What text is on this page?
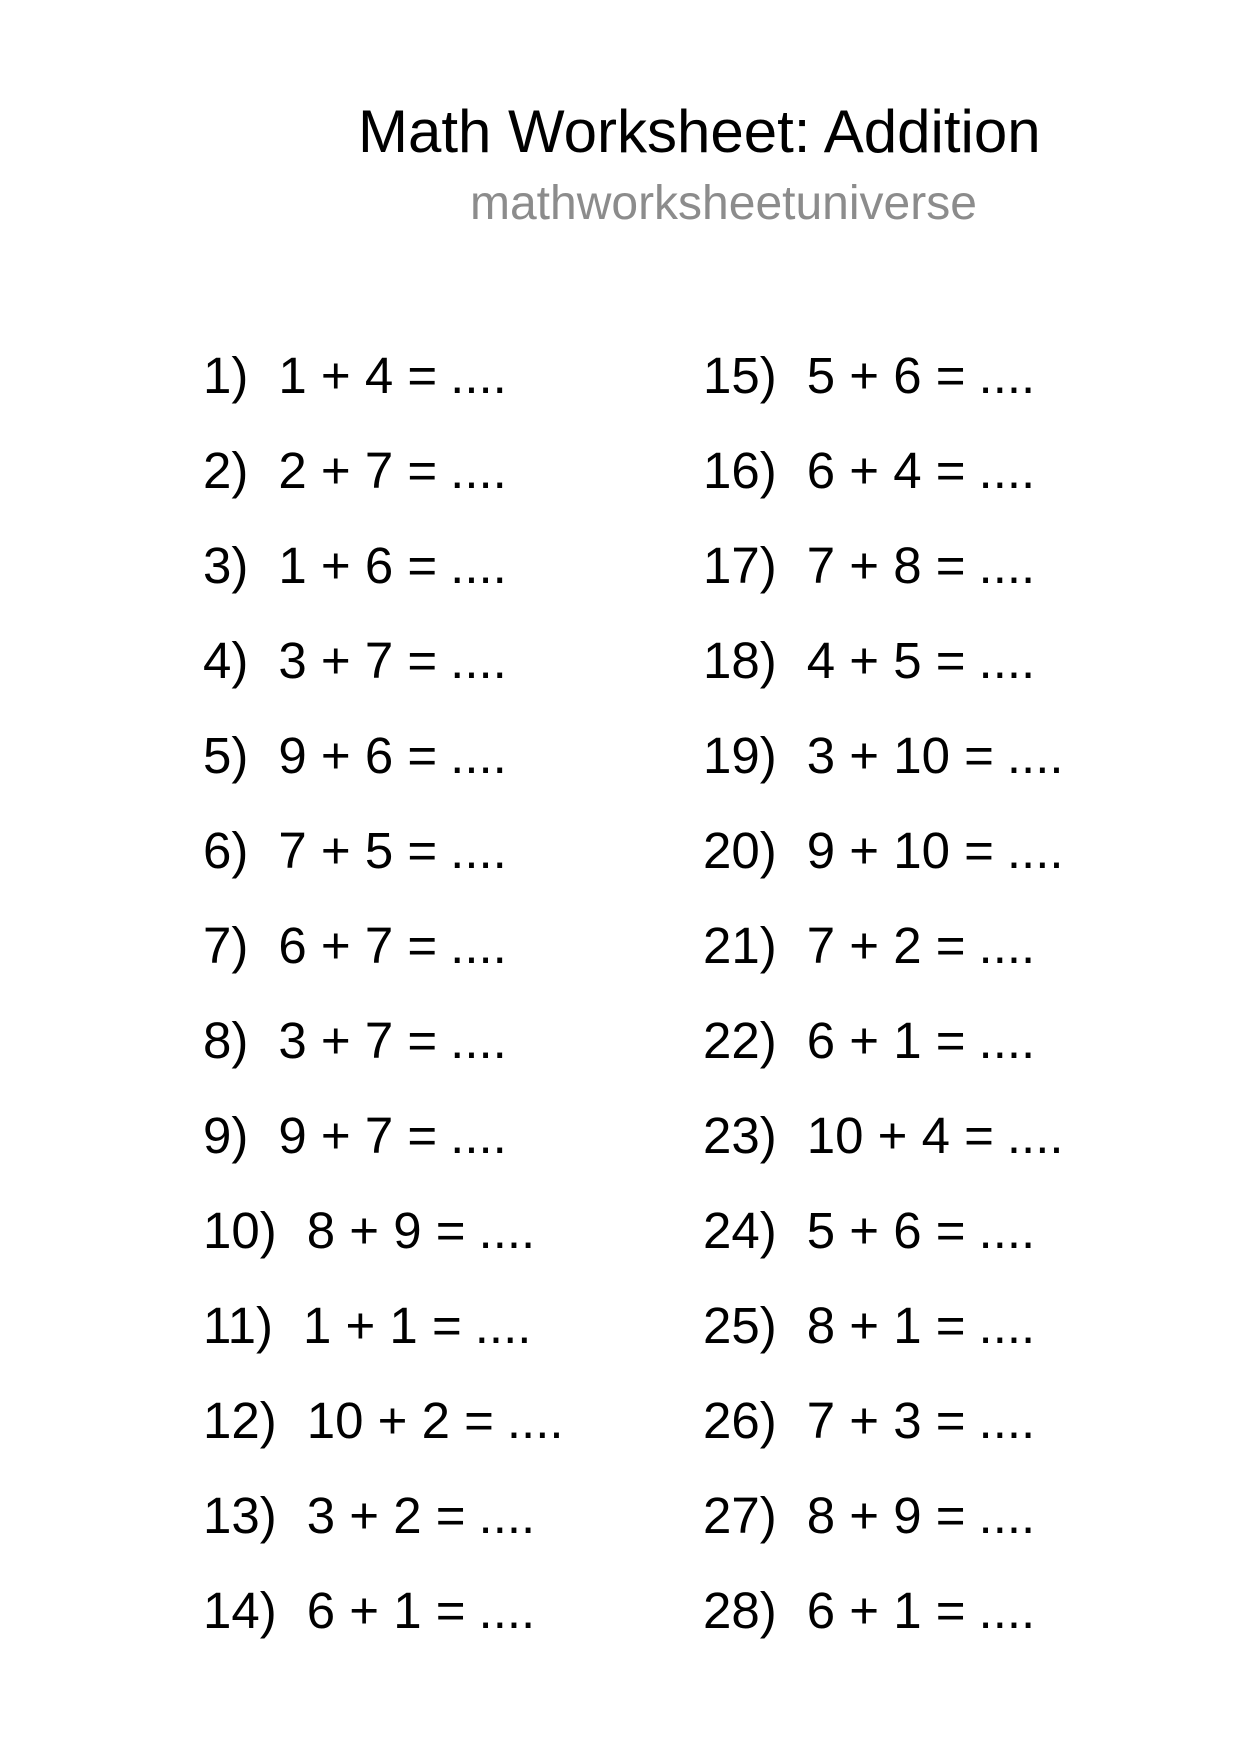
Math Worksheet: Addition
mathworksheetuniverse
1) 1 + 4 = ....
2) 2 + 7 = ....
3) 1 + 6 = ....
4) 3 + 7 = ....
5) 9 + 6 = ....
6) 7 + 5 = ....
7) 6 + 7 = ....
8) 3 + 7 = ....
9) 9 + 7 = ....
10) 8 + 9 = ....
11) 1 + 1 = ....
12) 10 + 2 = ....
13) 3 + 2 = ....
14) 6 + 1 = ....
15) 5 + 6 = ....
16) 6 + 4 = ....
17) 7 + 8 = ....
18) 4 + 5 = ....
19) 3 + 10 = ....
20) 9 + 10 = ....
21) 7 + 2 = ....
22) 6 + 1 = ....
23) 10 + 4 = ....
24) 5 + 6 = ....
25) 8 + 1 = ....
26) 7 + 3 = ....
27) 8 + 9 = ....
28) 6 + 1 = ....
